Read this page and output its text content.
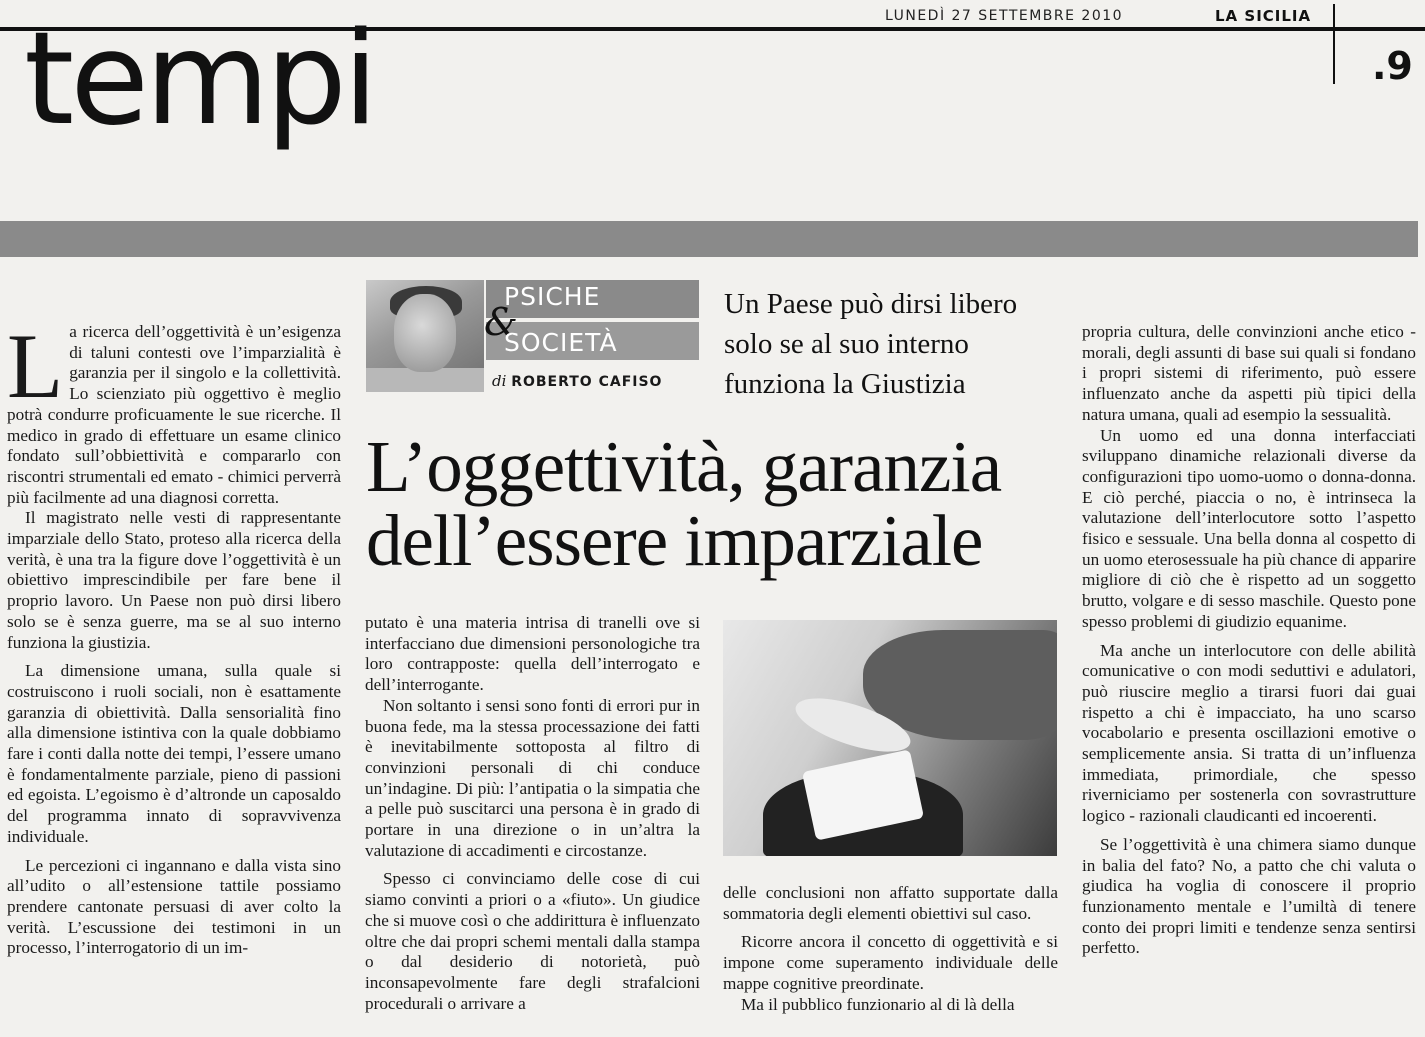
LUNEDÌ 27 SETTEMBRE 2010	LA SICILIA
.9
tempi
PSICHE
&
SOCIETÀ
di ROBERTO CAFISO
Un Paese può dirsi libero solo se al suo interno funziona la Giustizia
L’oggettività, garanzia dell’essere imparziale

La ricerca dell’oggettività è un’esigenza di taluni contesti ove l’imparzialità è garanzia per il singolo e la collettività. Lo scienziato più oggettivo è meglio potrà condurre proficuamente le sue ricerche. Il medico in grado di effettuare un esame clinico fondato sull’obbiettività e compararlo con riscontri strumentali ed emato - chimici perverrà più facilmente ad una diagnosi corretta.

Il magistrato nelle vesti di rappresentante imparziale dello Stato, proteso alla ricerca della verità, è una tra la figure dove l’oggettività è un obiettivo imprescindibile per fare bene il proprio lavoro. Un Paese non può dirsi libero solo se è senza guerre, ma se al suo interno funziona la giustizia.

La dimensione umana, sulla quale si costruiscono i ruoli sociali, non è esattamente garanzia di obiettività. Dalla sensorialità fino alla dimensione istintiva con la quale dobbiamo fare i conti dalla notte dei tempi, l’essere umano è fondamentalmente parziale, pieno di passioni ed egoista. L’egoismo è d’altronde un caposaldo del programma innato di sopravvivenza individuale.

Le percezioni ci ingannano e dalla vista sino all’udito o all’estensione tattile possiamo prendere cantonate persuasi di aver colto la verità. L’escussione dei testimoni in un processo, l’interrogatorio di un im-

putato è una materia intrisa di tranelli ove si interfacciano due dimensioni personologiche tra loro contrapposte: quella dell’interrogato e dell’interrogante.

Non soltanto i sensi sono fonti di errori pur in buona fede, ma la stessa processazione dei fatti è inevitabilmente sottoposta al filtro di convinzioni personali di chi conduce un’indagine. Di più: l’antipatia o la simpatia che a pelle può suscitarci una persona è in grado di portare in una direzione o in un’altra la valutazione di accadimenti e circostanze.

Spesso ci convinciamo delle cose di cui siamo convinti a priori o a «fiuto». Un giudice che si muove così o che addirittura è influenzato oltre che dai propri schemi mentali dalla stampa o dal desiderio di notorietà, può inconsapevolmente fare degli strafalcioni procedurali o arrivare a

delle conclusioni non affatto supportate dalla sommatoria degli elementi obiettivi sul caso.

Ricorre ancora il concetto di oggettività e si impone come superamento individuale delle mappe cognitive preordinate.

Ma il pubblico funzionario al di là della

propria cultura, delle convinzioni anche etico - morali, degli assunti di base sui quali si fondano i propri sistemi di riferimento, può essere influenzato anche da aspetti più tipici della natura umana, quali ad esempio la sessualità.

Un uomo ed una donna interfacciati sviluppano dinamiche relazionali diverse da configurazioni tipo uomo-uomo o donna-donna. E ciò perché, piaccia o no, è intrinseca la valutazione dell’interlocutore sotto l’aspetto fisico e sessuale. Una bella donna al cospetto di un uomo eterosessuale ha più chance di apparire migliore di ciò che è rispetto ad un soggetto brutto, volgare e di sesso maschile. Questo pone spesso problemi di giudizio equanime.

Ma anche un interlocutore con delle abilità comunicative o con modi seduttivi e adulatori, può riuscire meglio a tirarsi fuori dai guai rispetto a chi è impacciato, ha uno scarso vocabolario e presenta oscillazioni emotive o semplicemente ansia. Si tratta di un’influenza immediata, primordiale, che spesso riverniciamo per sostenerla con sovrastrutture logico - razionali claudicanti ed incoerenti.

Se l’oggettività è una chimera siamo dunque in balia del fato? No, a patto che chi valuta o giudica ha voglia di conoscere il proprio funzionamento mentale e l’umiltà di tenere conto dei propri limiti e tendenze senza sentirsi perfetto.
